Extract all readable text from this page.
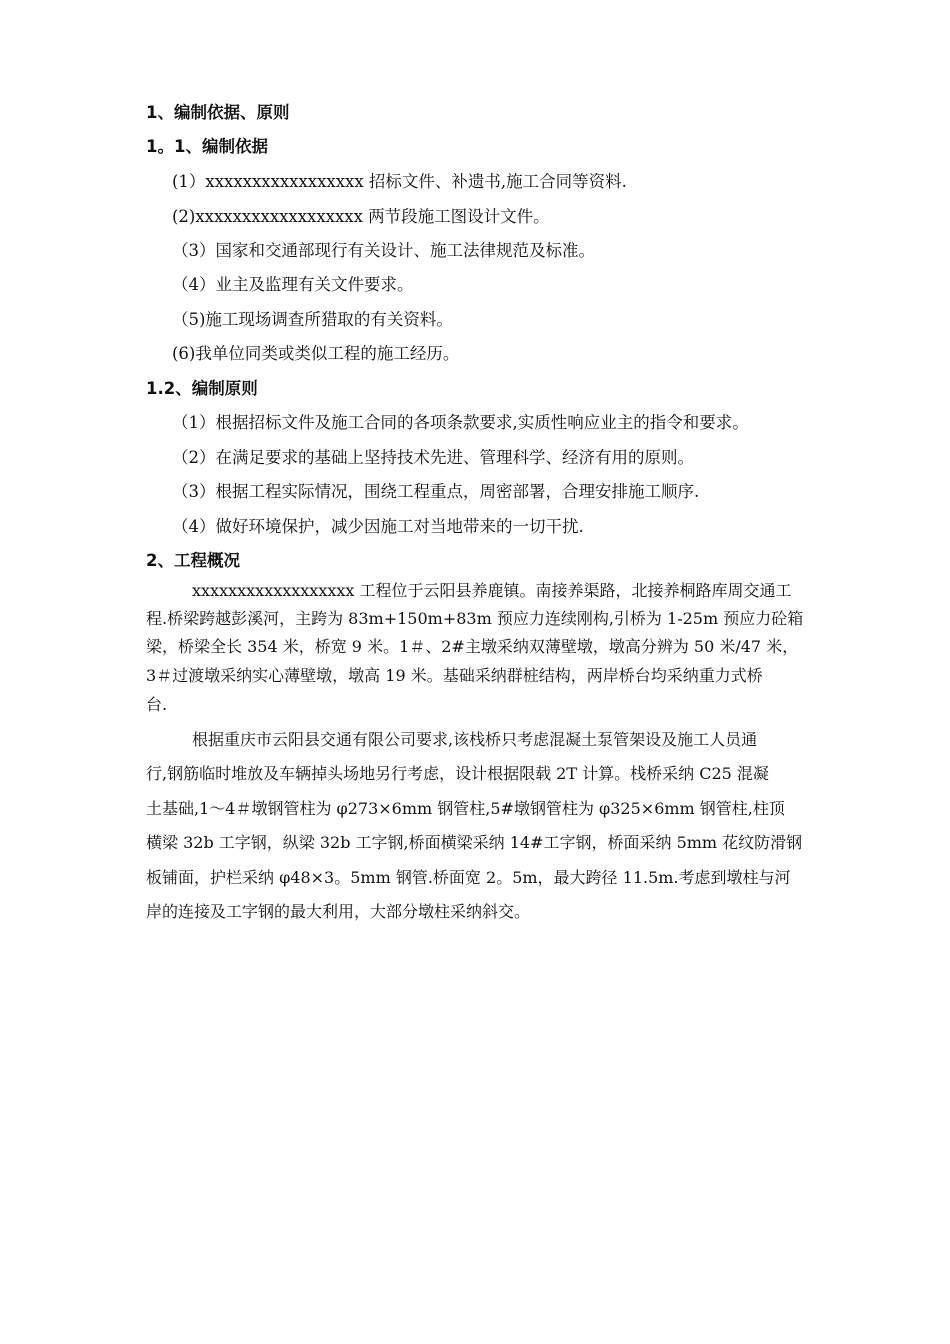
1、编制依据、原则
1。1、编制依据
(1）xxxxxxxxxxxxxxxxx 招标文件、补遗书,施工合同等资料.
(2)xxxxxxxxxxxxxxxxxx 两节段施工图设计文件。
（3）国家和交通部现行有关设计、施工法律规范及标准。
（4）业主及监理有关文件要求。
（5)施工现场调查所猎取的有关资料。
(6)我单位同类或类似工程的施工经历。
1.2、编制原则
（1）根据招标文件及施工合同的各项条款要求,实质性响应业主的指令和要求。
（2）在满足要求的基础上坚持技术先进、管理科学、经济有用的原则。
（3）根据工程实际情况，围绕工程重点，周密部署，合理安排施工顺序.
（4）做好环境保护，减少因施工对当地带来的一切干扰.
2、工程概况
xxxxxxxxxxxxxxxxxx 工程位于云阳县养鹿镇。南接养渠路，北接养桐路库周交通工
程.桥梁跨越彭溪河，主跨为 83m+150m+83m 预应力连续刚构,引桥为 1-25m 预应力砼箱
梁，桥梁全长 354 米，桥宽 9 米。1＃、2#主墩采纳双薄壁墩，墩高分辨为 50 米/47 米，
3＃过渡墩采纳实心薄壁墩，墩高 19 米。基础采纳群桩结构，两岸桥台均采纳重力式桥
台.
根据重庆市云阳县交通有限公司要求,该栈桥只考虑混凝土泵管架设及施工人员通
行,钢筋临时堆放及车辆掉头场地另行考虑，设计根据限载 2T 计算。栈桥采纳 C25 混凝
土基础,1～4＃墩钢管柱为 φ273×6mm 钢管柱,5#墩钢管柱为 φ325×6mm 钢管柱,柱顶
横梁 32b 工字钢，纵梁 32b 工字钢,桥面横梁采纳 14#工字钢，桥面采纳 5mm 花纹防滑钢
板铺面，护栏采纳 φ48×3。5mm 钢管.桥面宽 2。5m，最大跨径 11.5m.考虑到墩柱与河
岸的连接及工字钢的最大利用，大部分墩柱采纳斜交。
